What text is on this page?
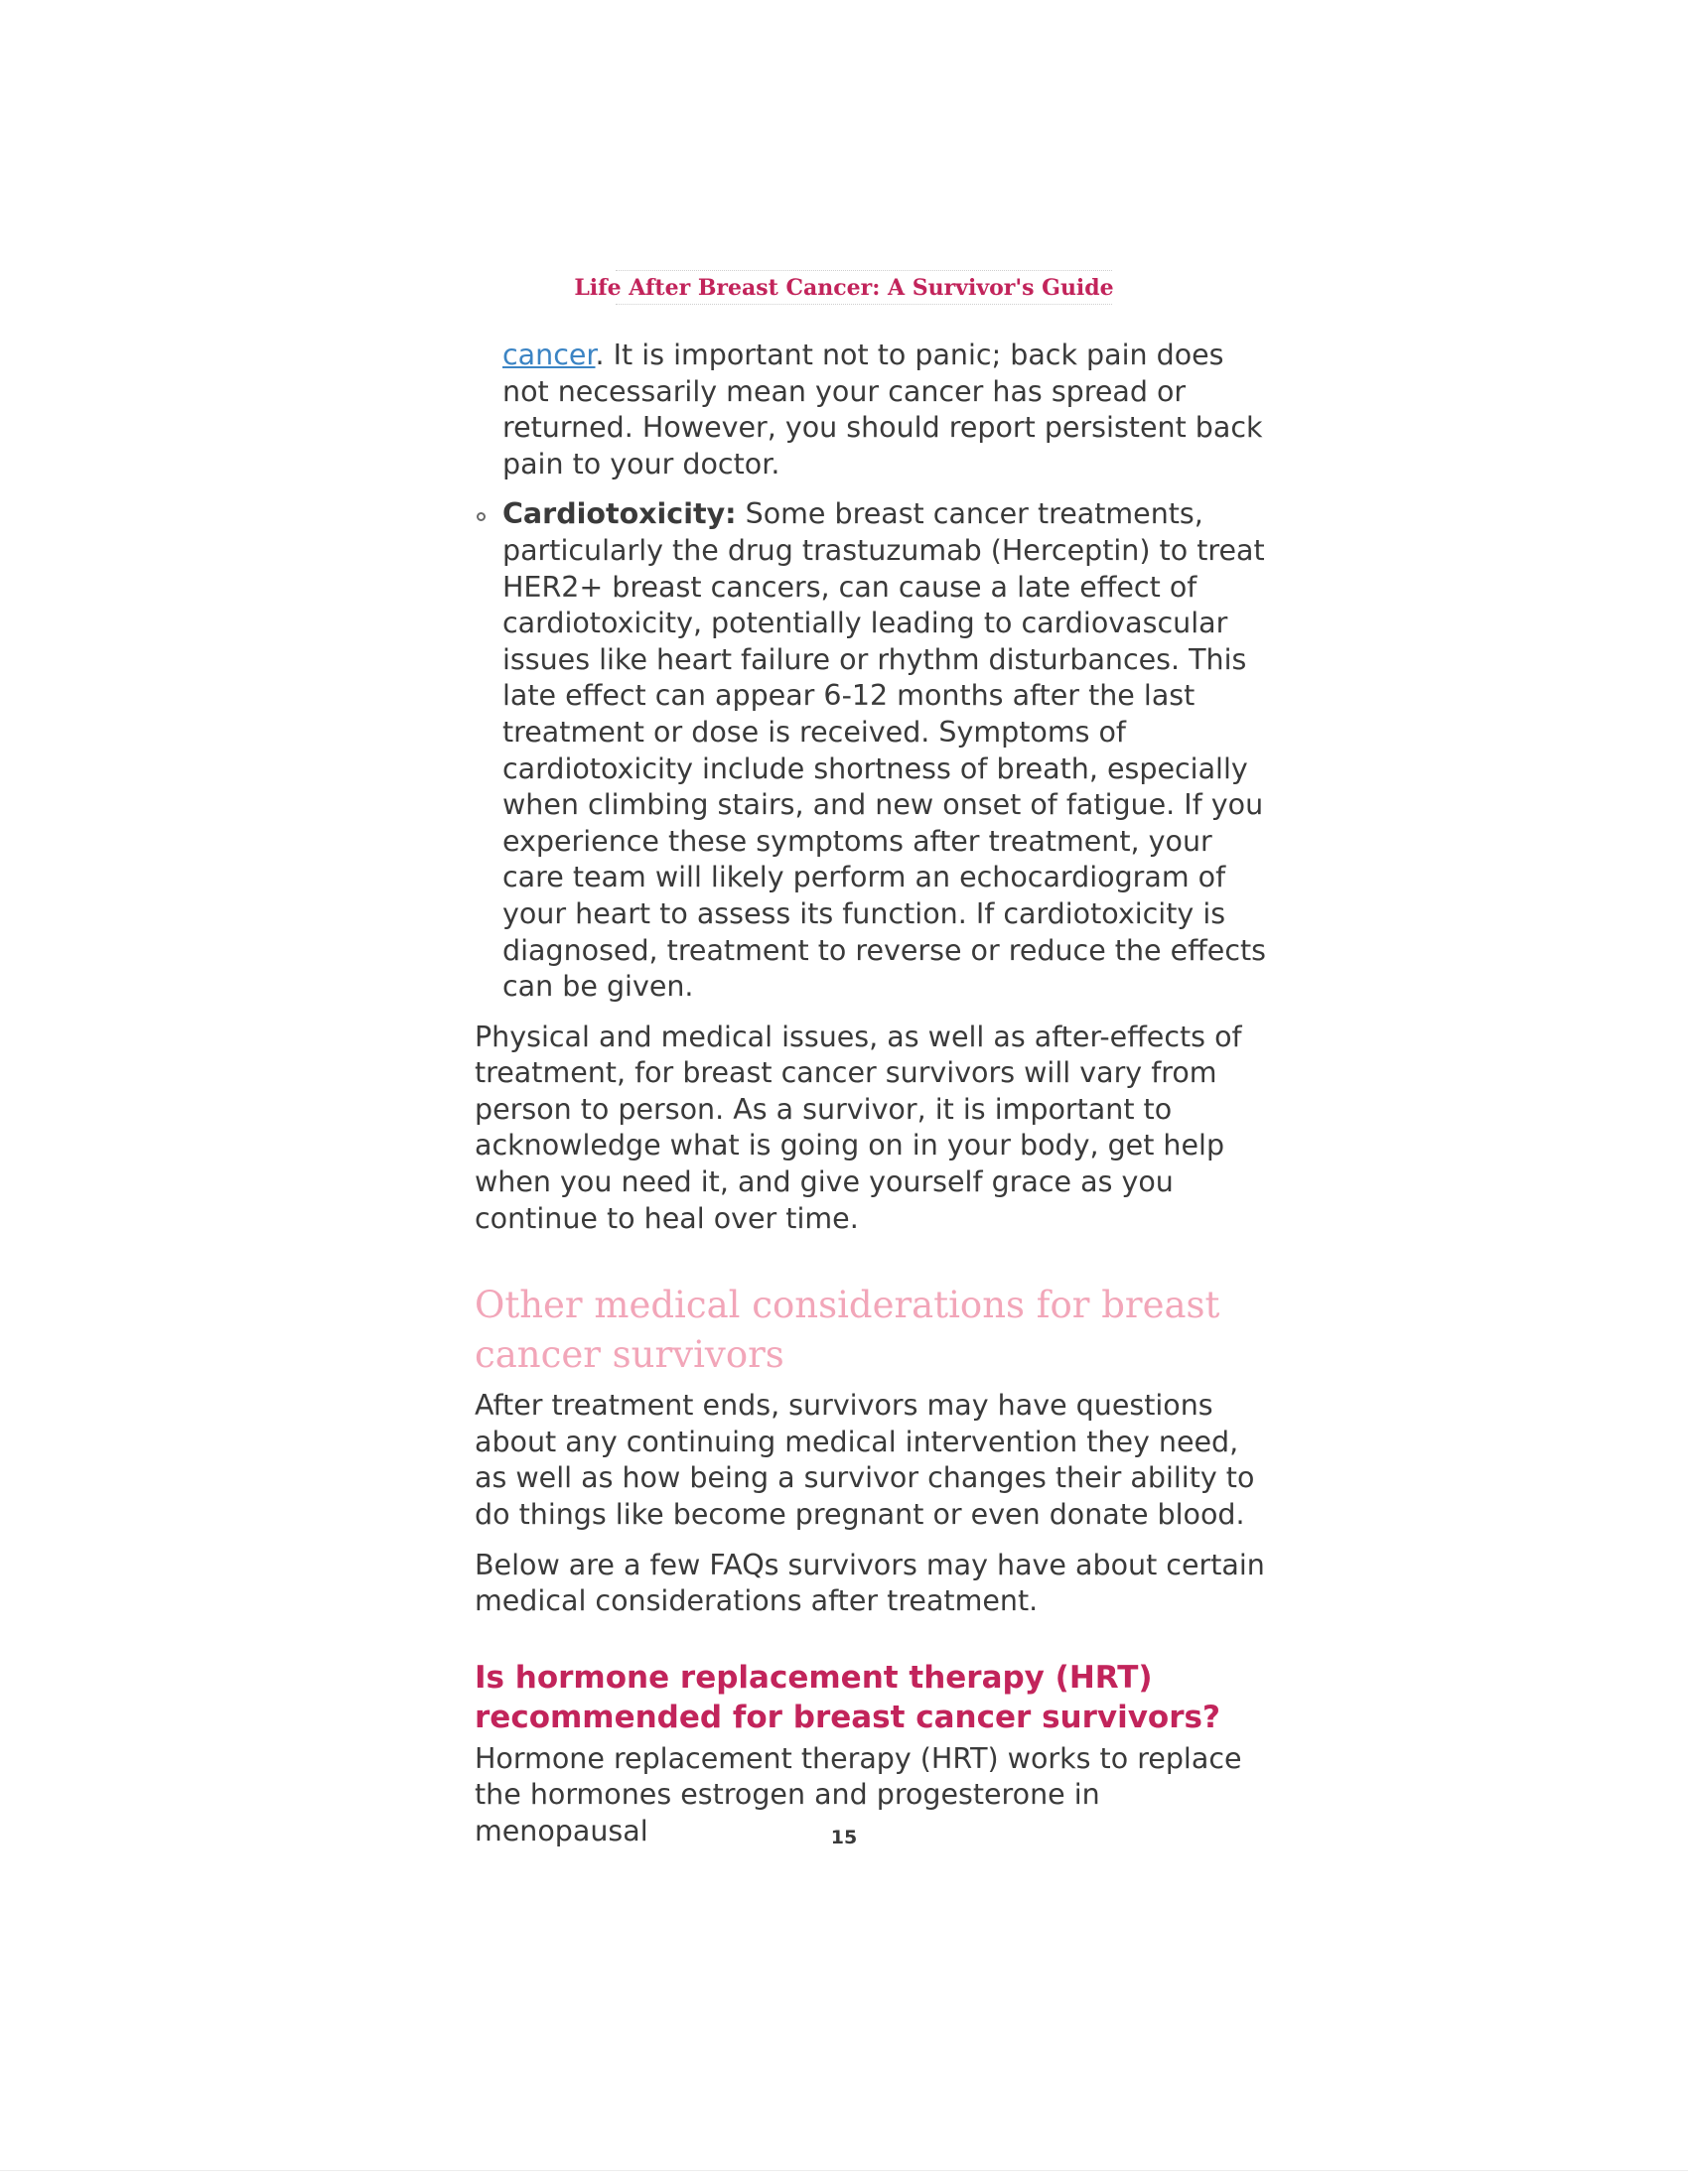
Life After Breast Cancer: A Survivor's Guide

cancer. It is important not to panic; back pain does not necessarily mean your cancer has spread or returned. However, you should report persistent back pain to your doctor.

Cardiotoxicity: Some breast cancer treatments, particularly the drug trastuzumab (Herceptin) to treat HER2+ breast cancers, can cause a late effect of cardiotoxicity, potentially leading to cardiovascular issues like heart failure or rhythm disturbances. This late effect can appear 6-12 months after the last treatment or dose is received. Symptoms of cardiotoxicity include shortness of breath, especially when climbing stairs, and new onset of fatigue. If you experience these symptoms after treatment, your care team will likely perform an echocardiogram of your heart to assess its function. If cardiotoxicity is diagnosed, treatment to reverse or reduce the effects can be given.

Physical and medical issues, as well as after-effects of treatment, for breast cancer survivors will vary from person to person. As a survivor, it is important to acknowledge what is going on in your body, get help when you need it, and give yourself grace as you continue to heal over time.

Other medical considerations for breast cancer survivors

After treatment ends, survivors may have questions about any continuing medical intervention they need, as well as how being a survivor changes their ability to do things like become pregnant or even donate blood.

Below are a few FAQs survivors may have about certain medical considerations after treatment.

Is hormone replacement therapy (HRT) recommended for breast cancer survivors?

Hormone replacement therapy (HRT) works to replace the hormones estrogen and progesterone in menopausal	15
